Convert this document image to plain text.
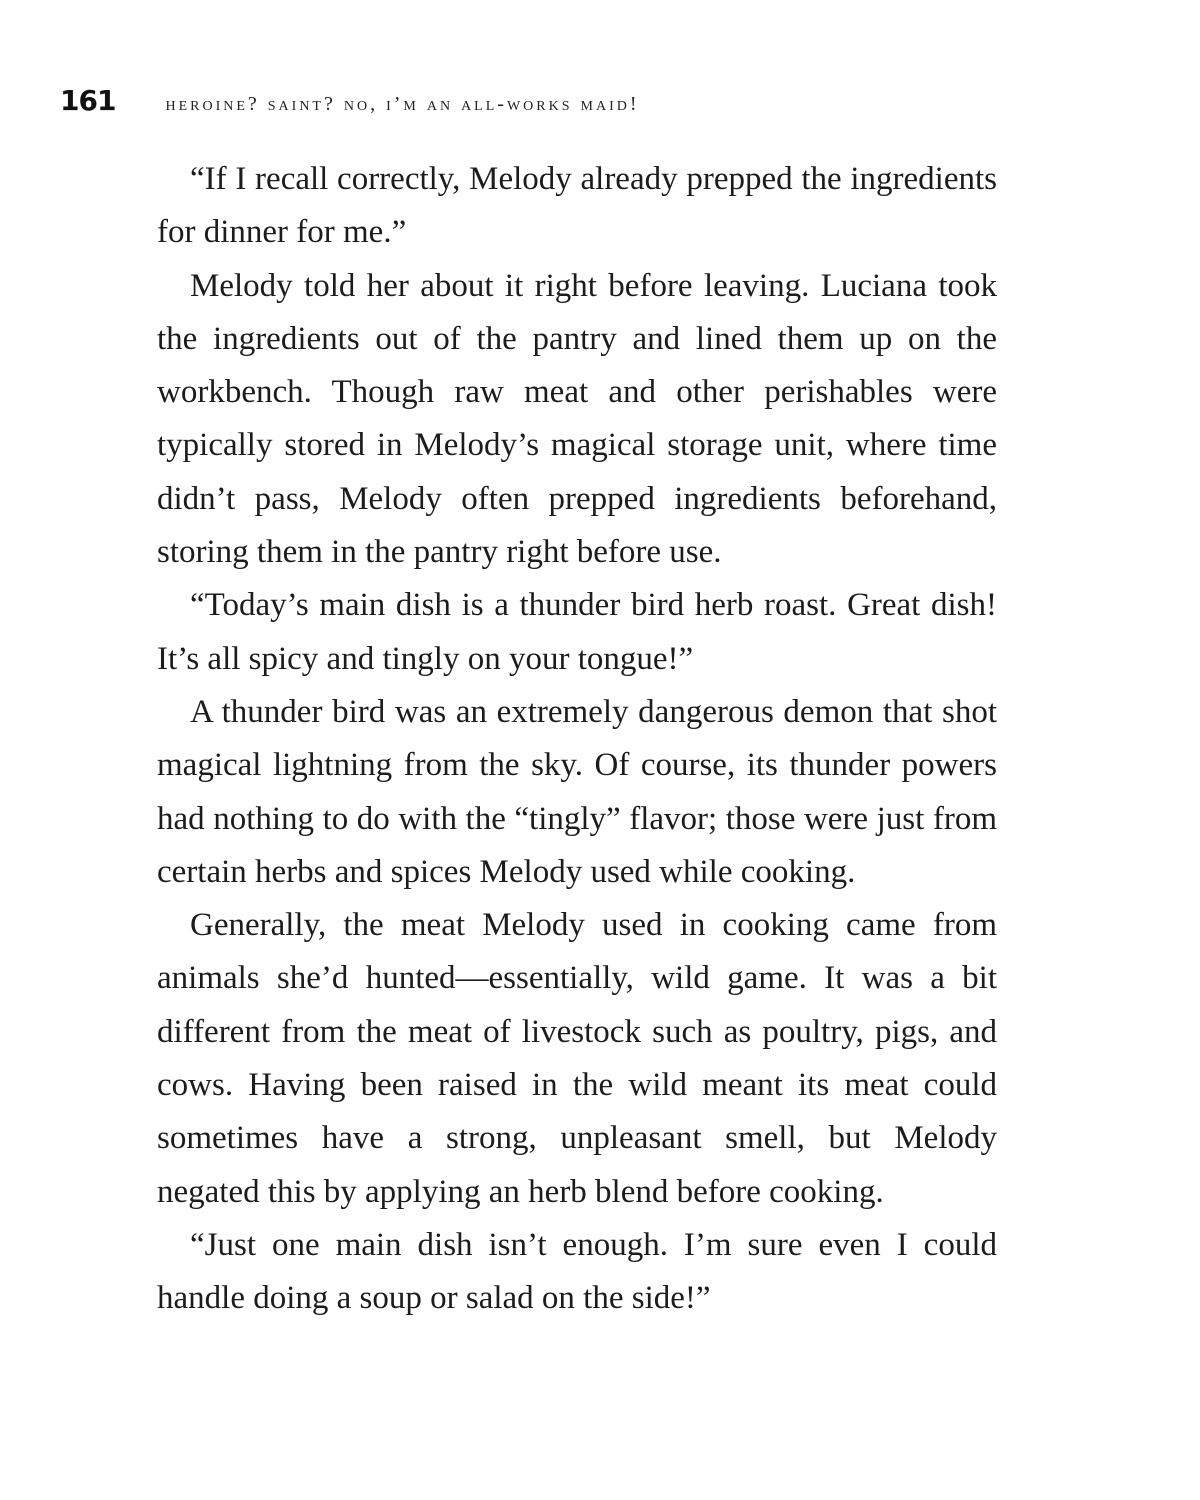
161	heroine? saint? no, i’m an all-works maid!

“If I recall correctly, Melody already prepped the ingredients for dinner for me.”

Melody told her about it right before leaving. Luciana took the ingredients out of the pantry and lined them up on the workbench. Though raw meat and other perishables were typically stored in Melody’s magical storage unit, where time didn’t pass, Melody often prepped ingredients beforehand, storing them in the pantry right before use.

“Today’s main dish is a thunder bird herb roast. Great dish! It’s all spicy and tingly on your tongue!”

A thunder bird was an extremely dangerous demon that shot magical lightning from the sky. Of course, its thunder powers had nothing to do with the “tingly” flavor; those were just from certain herbs and spices Melody used while cooking.

Generally, the meat Melody used in cooking came from animals she’d hunted—essentially, wild game. It was a bit different from the meat of livestock such as poultry, pigs, and cows. Having been raised in the wild meant its meat could sometimes have a strong, unpleasant smell, but Melody negated this by applying an herb blend before cooking.

“Just one main dish isn’t enough. I’m sure even I could handle doing a soup or salad on the side!”
